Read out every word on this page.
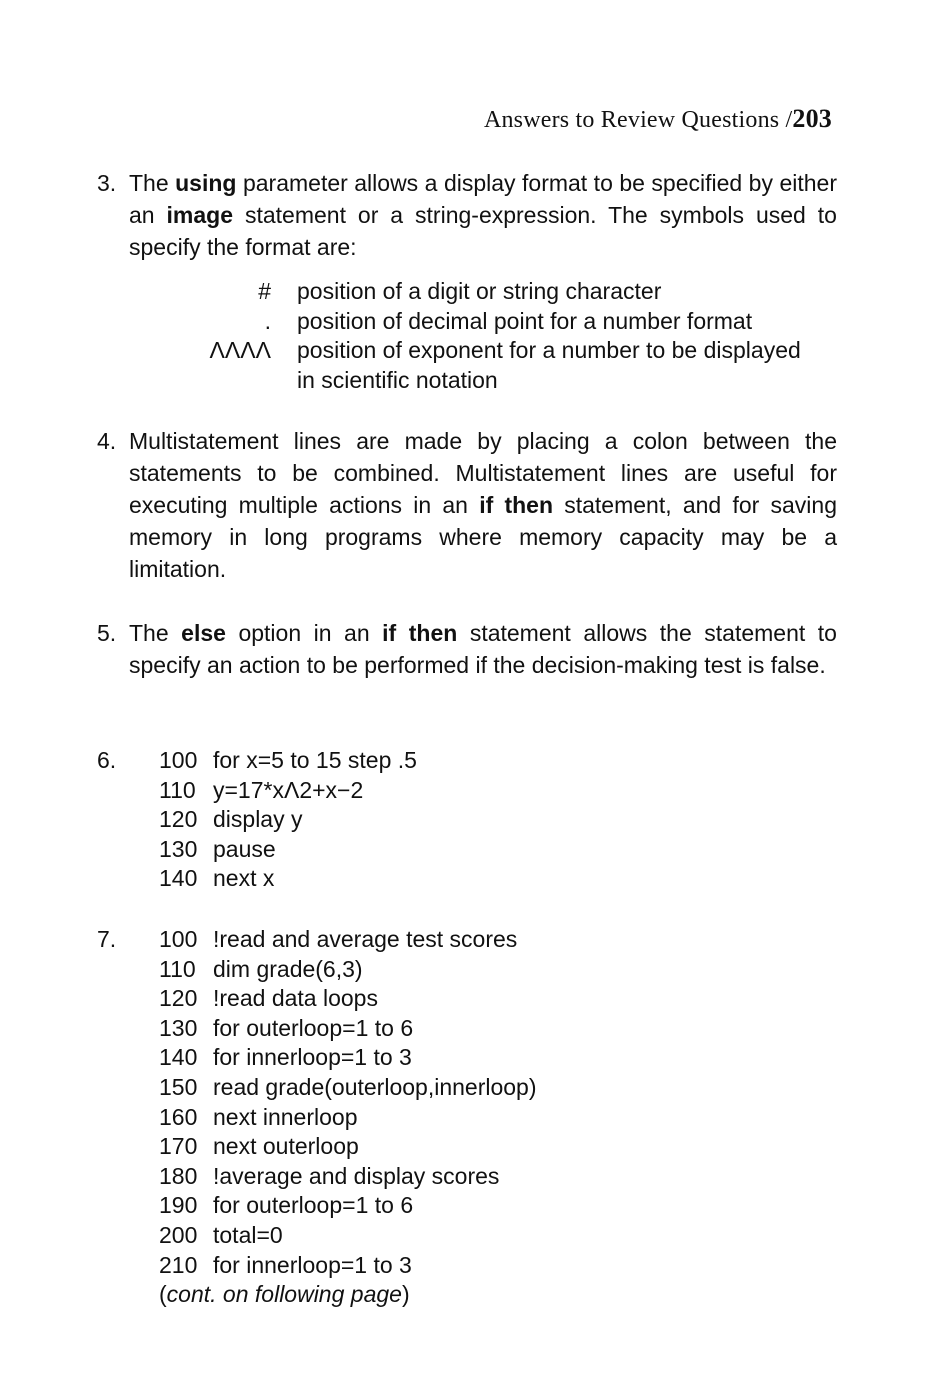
Answers to Review Questions /203
3. The using parameter allows a display format to be specified by either an image statement or a string-expression. The symbols used to specify the format are:
#	position of a digit or string character
.	position of decimal point for a number format
ΛΛΛΛ	position of exponent for a number to be displayed
in scientific notation
4. Multistatement lines are made by placing a colon between the statements to be combined. Multistatement lines are useful for executing multiple actions in an if then statement, and for saving memory in long programs where memory capacity may be a limitation.
5. The else option in an if then statement allows the statement to specify an action to be performed if the decision-making test is false.
6. 100 for x=5 to 15 step .5
110 y=17*xΛ2+x−2
120 display y
130 pause
140 next x
7. 100 !read and average test scores
110 dim grade(6,3)
120 !read data loops
130 for outerloop=1 to 6
140 for innerloop=1 to 3
150 read grade(outerloop,innerloop)
160 next innerloop
170 next outerloop
180 !average and display scores
190 for outerloop=1 to 6
200 total=0
210 for innerloop=1 to 3
(cont. on following page)
